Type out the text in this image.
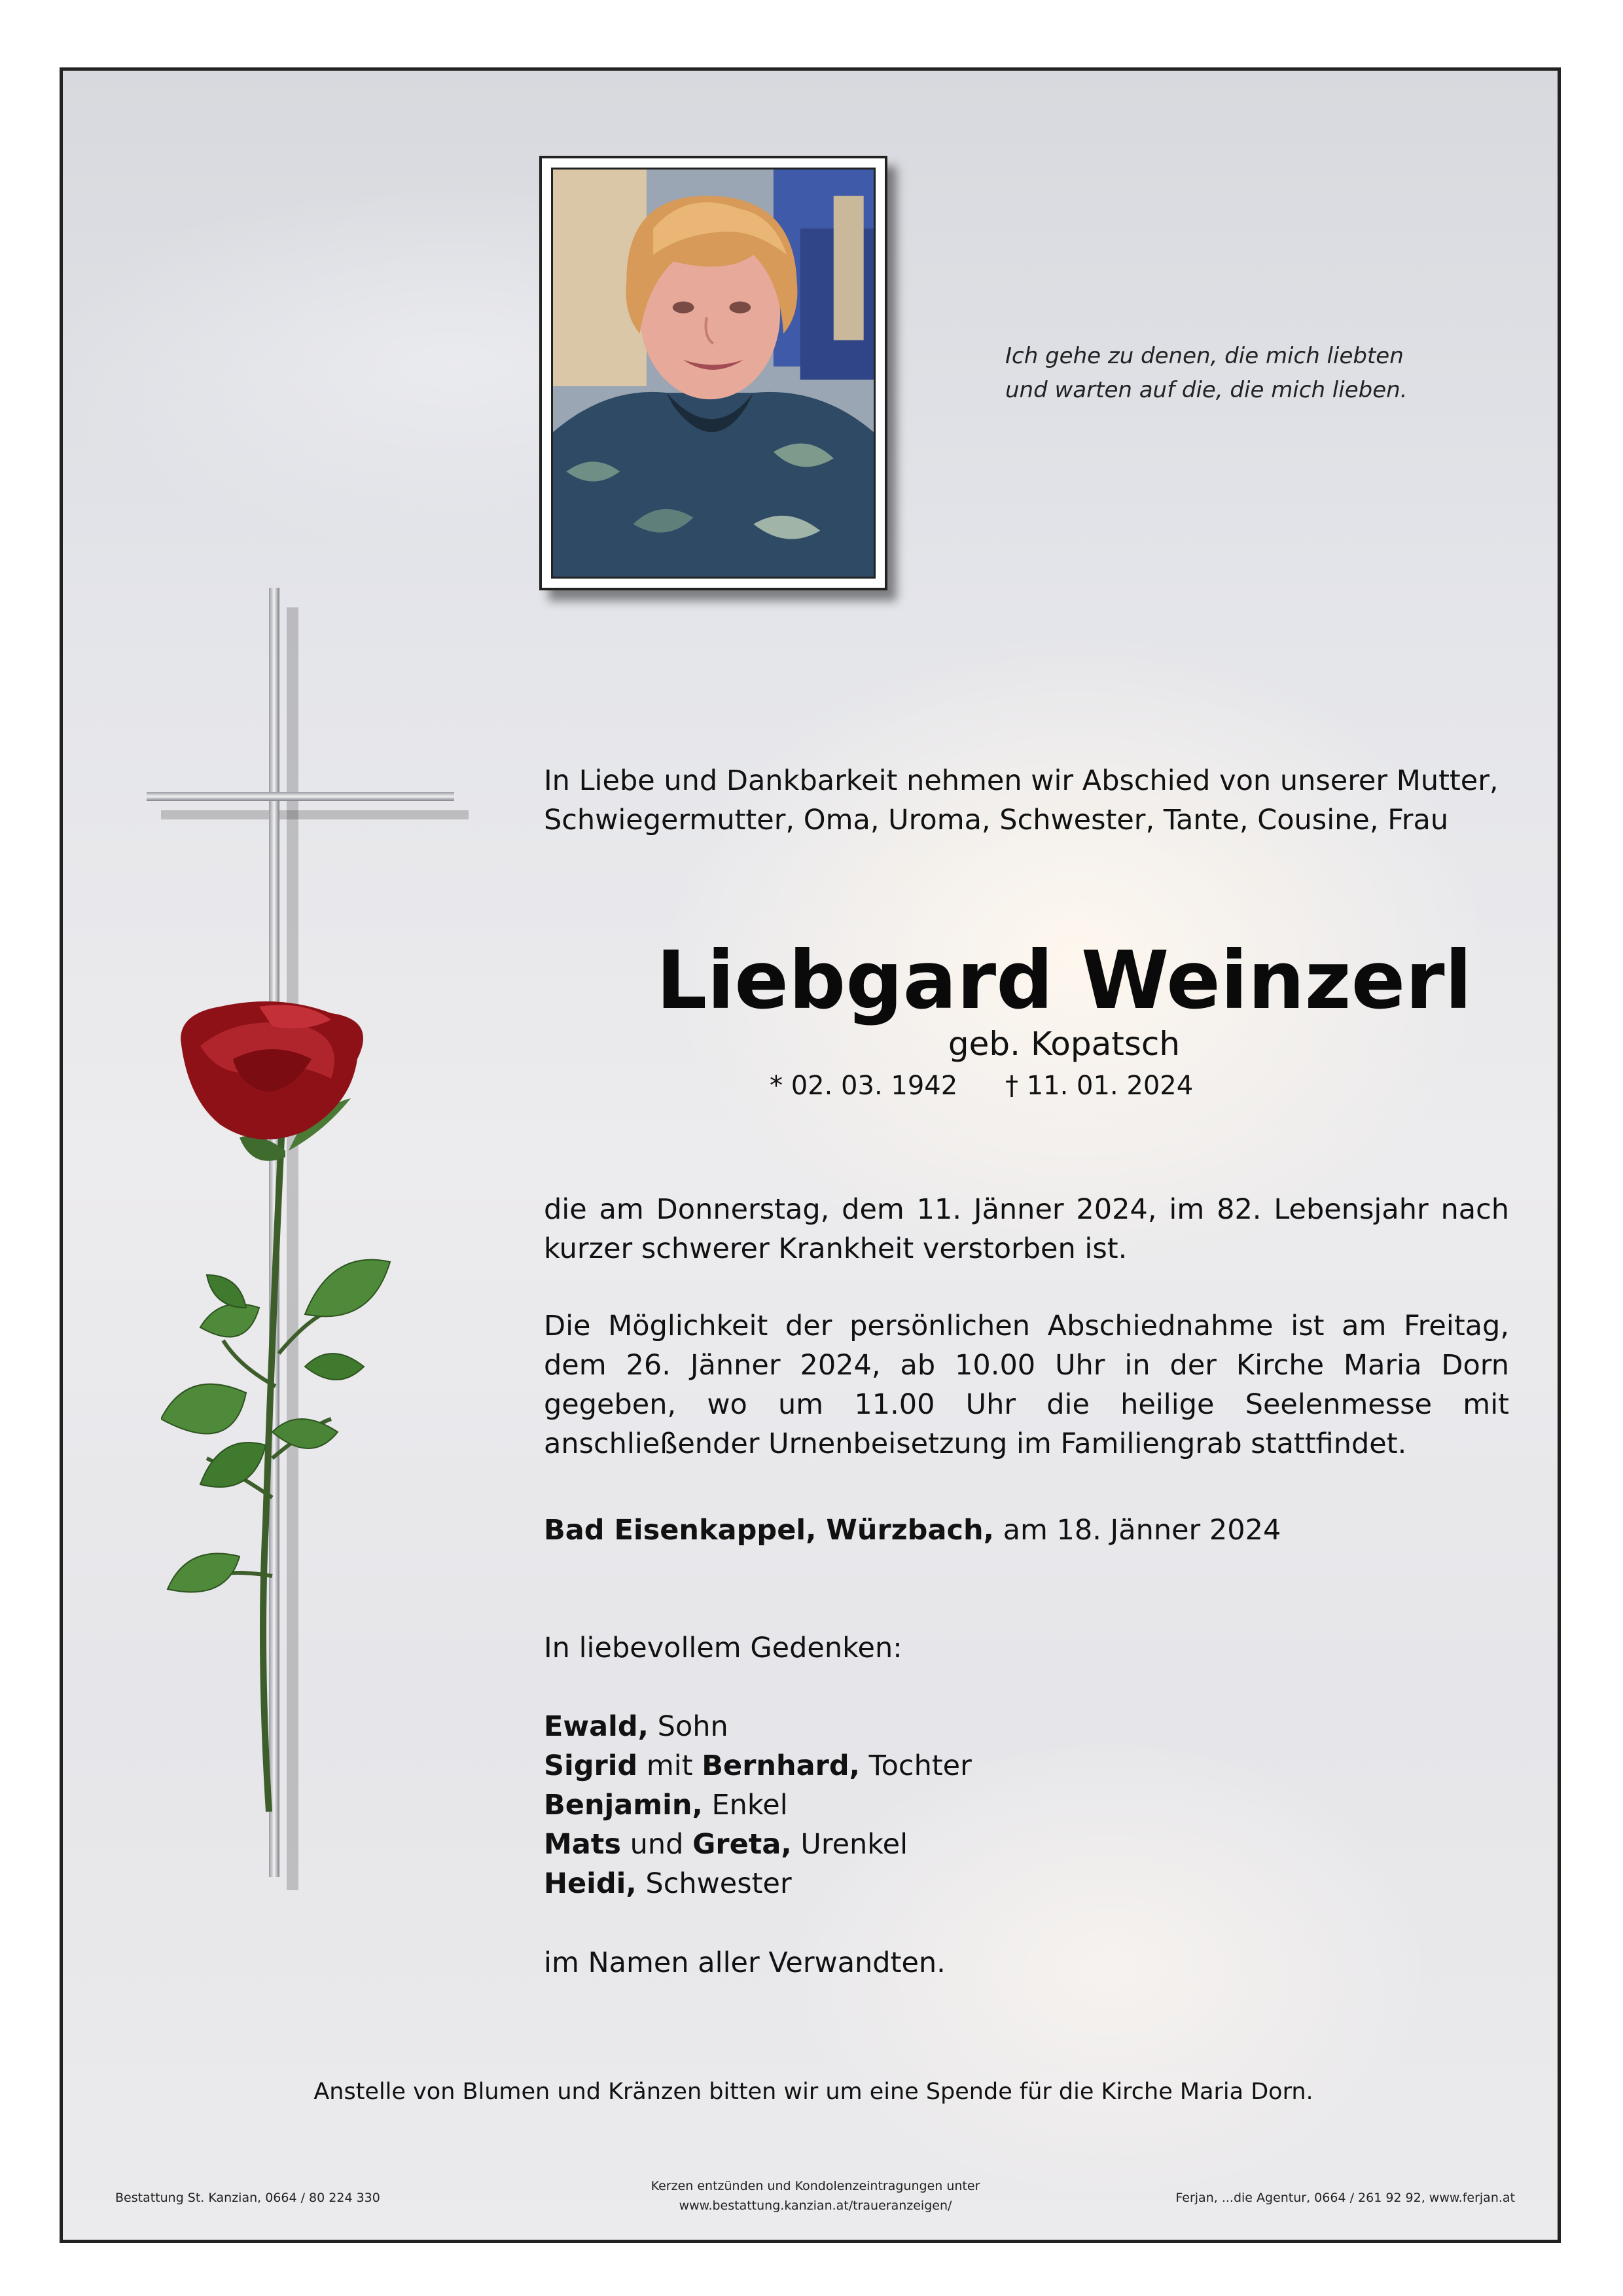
Ich gehe zu denen, die mich liebten
und warten auf die, die mich lieben.
In Liebe und Dankbarkeit nehmen wir Abschied von unserer Mutter,
Schwiegermutter, Oma, Uroma, Schwester, Tante, Cousine, Frau
Liebgard Weinzerl
geb. Kopatsch
* 02. 03. 1942 † 11. 01. 2024
die am Donnerstag, dem 11. Jänner 2024, im 82. Lebensjahr nach kurzer schwerer Krankheit verstorben ist.
Die Möglichkeit der persönlichen Abschiednahme ist am Freitag, dem 26. Jänner 2024, ab 10.00 Uhr in der Kirche Maria Dorn gegeben, wo um 11.00 Uhr die heilige Seelenmesse mit anschließender Urnenbeisetzung im Familiengrab stattfindet.
Bad Eisenkappel, Würzbach, am 18. Jänner 2024
In liebevollem Gedenken:
Ewald, Sohn
Sigrid mit Bernhard, Tochter
Benjamin, Enkel
Mats und Greta, Urenkel
Heidi, Schwester
im Namen aller Verwandten.
Anstelle von Blumen und Kränzen bitten wir um eine Spende für die Kirche Maria Dorn.
Bestattung St. Kanzian, 0664 / 80 224 330
Kerzen entzünden und Kondolenzeintragungen unter
www.bestattung.kanzian.at/traueranzeigen/
Ferjan, ...die Agentur, 0664 / 261 92 92, www.ferjan.at
